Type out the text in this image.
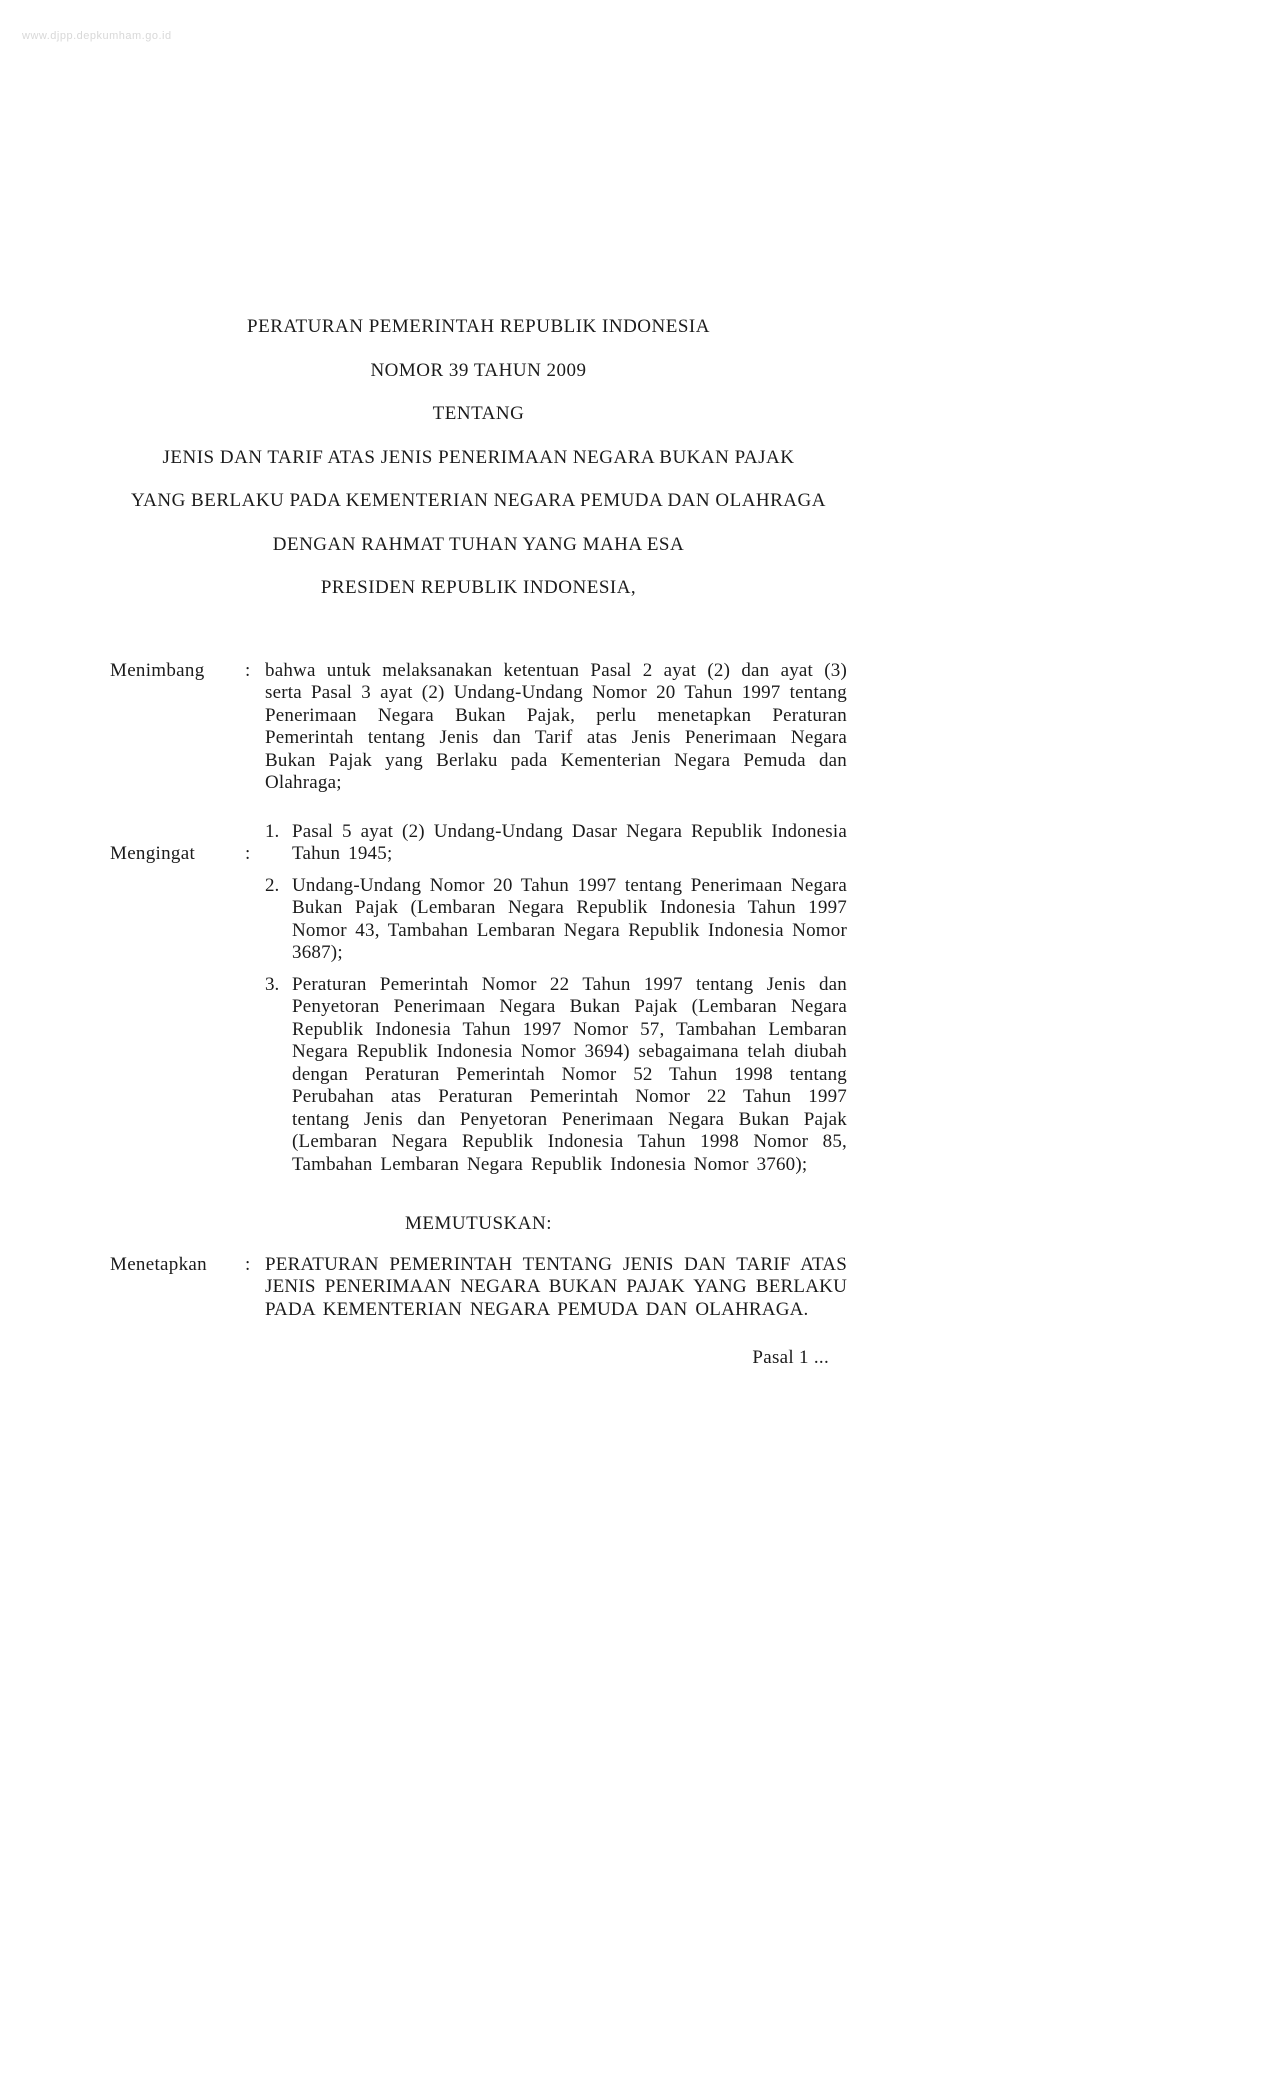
www.djpp.depkumham.go.id
PERATURAN PEMERINTAH REPUBLIK INDONESIA
NOMOR 39 TAHUN 2009
TENTANG
JENIS DAN TARIF ATAS JENIS PENERIMAAN NEGARA BUKAN PAJAK
YANG BERLAKU PADA KEMENTERIAN NEGARA PEMUDA DAN OLAHRAGA
DENGAN RAHMAT TUHAN YANG MAHA ESA
PRESIDEN REPUBLIK INDONESIA,
Menimbang	: bahwa untuk melaksanakan ketentuan Pasal 2 ayat (2) dan ayat (3) serta Pasal 3 ayat (2) Undang-Undang Nomor 20 Tahun 1997 tentang Penerimaan Negara Bukan Pajak, perlu menetapkan Peraturan Pemerintah tentang Jenis dan Tarif atas Jenis Penerimaan Negara Bukan Pajak yang Berlaku pada Kementerian Negara Pemuda dan Olahraga;
Mengingat	:
1. Pasal 5 ayat (2) Undang-Undang Dasar Negara Republik Indonesia Tahun 1945;
2. Undang-Undang Nomor 20 Tahun 1997 tentang Penerimaan Negara Bukan Pajak (Lembaran Negara Republik Indonesia Tahun 1997 Nomor 43, Tambahan Lembaran Negara Republik Indonesia Nomor 3687);
3. Peraturan Pemerintah Nomor 22 Tahun 1997 tentang Jenis dan Penyetoran Penerimaan Negara Bukan Pajak (Lembaran Negara Republik Indonesia Tahun 1997 Nomor 57, Tambahan Lembaran Negara Republik Indonesia Nomor 3694) sebagaimana telah diubah dengan Peraturan Pemerintah Nomor 52 Tahun 1998 tentang Perubahan atas Peraturan Pemerintah Nomor 22 Tahun 1997 tentang Jenis dan Penyetoran Penerimaan Negara Bukan Pajak (Lembaran Negara Republik Indonesia Tahun 1998 Nomor 85, Tambahan Lembaran Negara Republik Indonesia Nomor 3760);
MEMUTUSKAN:
Menetapkan	: PERATURAN PEMERINTAH TENTANG JENIS DAN TARIF ATAS JENIS PENERIMAAN NEGARA BUKAN PAJAK YANG BERLAKU PADA KEMENTERIAN NEGARA PEMUDA DAN OLAHRAGA.
Pasal 1 ...
